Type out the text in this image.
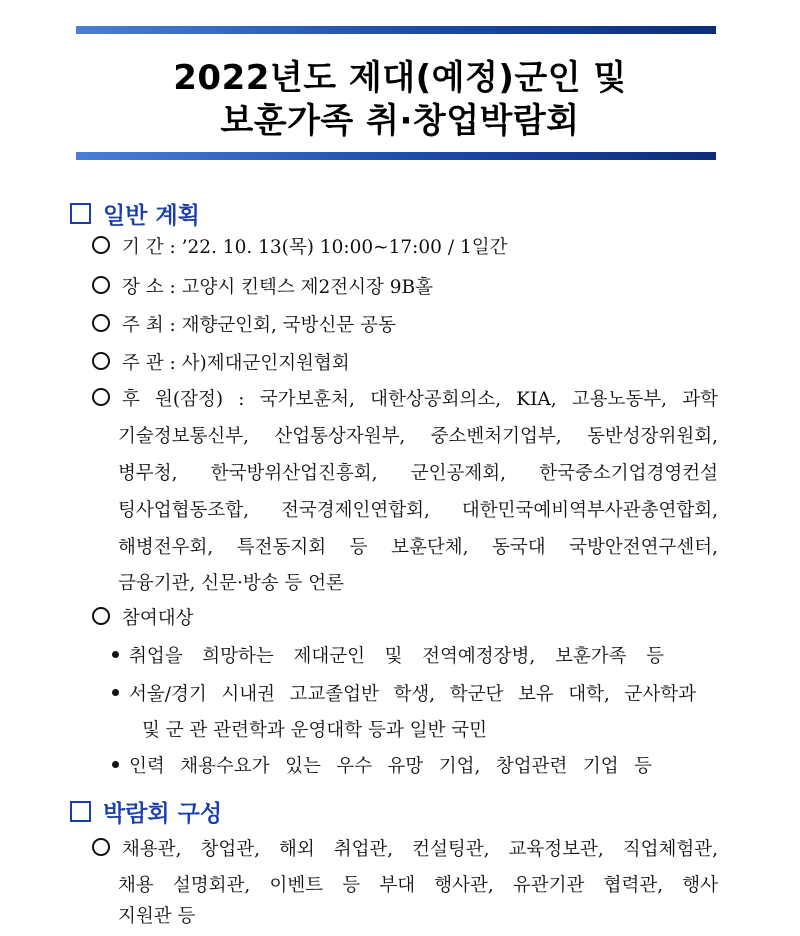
2022년도 제대(예정)군인 및
보훈가족 취·창업박람회
일반 계획
기 간 : ’22. 10. 13(목) 10:00∼17:00 / 1일간
장 소 : 고양시 킨텍스 제2전시장 9B홀
주 최 : 재향군인회, 국방신문 공동
주 관 : 사)제대군인지원협회
후 원(잠정) : 국가보훈처, 대한상공회의소, KIA, 고용노동부, 과학
기술정보통신부, 산업통상자원부, 중소벤처기업부, 동반성장위원회,
병무청, 한국방위산업진흥회, 군인공제회, 한국중소기업경영컨설
팅사업협동조합, 전국경제인연합회, 대한민국예비역부사관총연합회,
해병전우회, 특전동지회 등 보훈단체, 동국대 국방안전연구센터,
금융기관, 신문·방송 등 언론
참여대상
취업을 희망하는 제대군인 및 전역예정장병, 보훈가족 등
서울/경기 시내권 고교졸업반 학생, 학군단 보유 대학, 군사학과
및 군 관 관련학과 운영대학 등과 일반 국민
인력 채용수요가 있는 우수 유망 기업, 창업관련 기업 등
박람회 구성
채용관, 창업관, 해외 취업관, 컨설팅관, 교육정보관, 직업체험관,
채용 설명회관, 이벤트 등 부대 행사관, 유관기관 협력관, 행사
지원관 등
